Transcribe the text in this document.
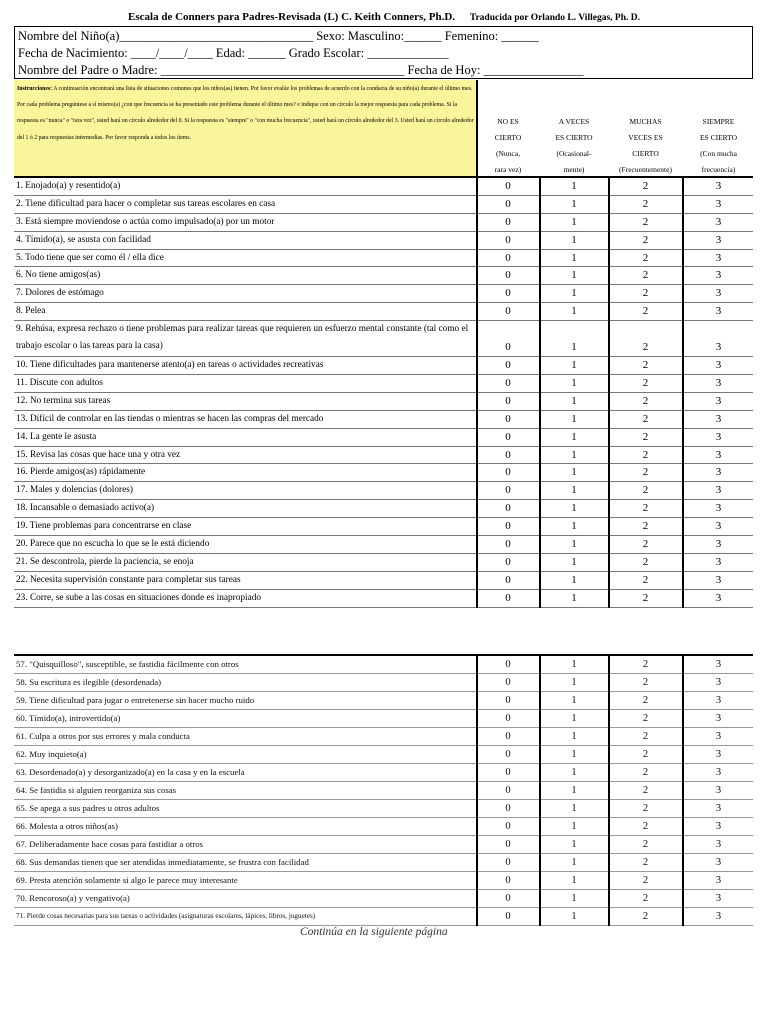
Escala de Conners para Padres-Revisada (L) C. Keith Conners, Ph.D. Traducida por Orlando L. Villegas, Ph. D.
Nombre del Niño(a)_______________________________ Sexo: Masculino:______ Femenino: ______
Fecha de Nacimiento: ____/____/____ Edad: ______ Grado Escolar: _____________
Nombre del Padre o Madre: _______________________________________ Fecha de Hoy: ________________
Instrucciones: A continuación encontrará una lista de situaciones comunes que los niños(as) tienen. Por favor evalúe los problemas de acuerdo con la conducta de su niño(a) durante el último mes. Por cada problema pregúntese a sí mismo(a) ¿con que frecuencia se ha presentado este problema durante el último mes? e indique con un círculo la mejor respuesta para cada problema. Si la respuesta es "nunca" o "rara vez", usted hará un círculo alrededor del 0. Si la respuesta es "siempre" o "con mucha frecuencia", usted hará un círculo alrededor del 3. Usted hará un círculo alrededor del 1 ó 2 para respuestas intermedias. Por favor responda a todos los ítems.
NO ES
CIERTO
(Nunca,
rara vez)
A VECES
ES CIERTO
(Ocasional-
mente)
MUCHAS
VECES ES
CIERTO
(Frecuentemente)
SIEMPRE
ES CIERTO
(Con mucha
frecuencia)
1. Enojado(a) y resentido(a)	0	1	2	3
2. Tiene dificultad para hacer o completar sus tareas escolares en casa	0	1	2	3
3. Está siempre moviendose o actúa como impulsado(a) por un motor	0	1	2	3
4. Tímido(a), se asusta con facilidad	0	1	2	3
5. Todo tiene que ser como él / ella dice	0	1	2	3
6. No tiene amigos(as)	0	1	2	3
7. Dolores de estómago	0	1	2	3
8. Pelea	0	1	2	3
9. Rehúsa, expresa rechazo o tiene problemas para realizar tareas que requieren un esfuerzo mental constante (tal como el trabajo escolar o las tareas para la casa)	0	1	2	3
10. Tiene dificultades para mantenerse atento(a) en tareas o actividades recreativas	0	1	2	3
11. Discute con adultos	0	1	2	3
12. No termina sus tareas	0	1	2	3
13. Difícil de controlar en las tiendas o mientras se hacen las compras del mercado	0	1	2	3
14. La gente le asusta	0	1	2	3
15. Revisa las cosas que hace una y otra vez	0	1	2	3
16. Pierde amigos(as) rápidamente	0	1	2	3
17. Males y dolencias (dolores)	0	1	2	3
18. Incansable o demasiado activo(a)	0	1	2	3
19. Tiene problemas para concentrarse en clase	0	1	2	3
20. Parece que no escucha lo que se le está diciendo	0	1	2	3
21. Se descontrola, pierde la paciencia, se enoja	0	1	2	3
22. Necesita supervisión constante para completar sus tareas	0	1	2	3
23. Corre, se sube a las cosas en situaciones donde es inapropiado	0	1	2	3
57. "Quisquilloso", susceptible, se fastidia fácilmente con otros	0	1	2	3
58. Su escritura es ilegible (desordenada)	0	1	2	3
59. Tiene dificultad para jugar o entretenerse sin hacer mucho ruido	0	1	2	3
60. Tímido(a), introvertido(a)	0	1	2	3
61. Culpa a otros por sus errores y mala conducta	0	1	2	3
62. Muy inquieto(a)	0	1	2	3
63. Desordenado(a) y desorganizado(a) en la casa y en la escuela	0	1	2	3
64. Se fastidia si alguien reorganiza sus cosas	0	1	2	3
65. Se apega a sus padres u otros adultos	0	1	2	3
66. Molesta a otros niños(as)	0	1	2	3
67. Deliberadamente hace cosas para fastidiar a otros	0	1	2	3
68. Sus demandas tienen que ser atendidas inmediatamente, se frustra con facilidad	0	1	2	3
69. Presta atención solamente si algo le parece muy interesante	0	1	2	3
70. Rencoroso(a) y vengativo(a)	0	1	2	3
71. Pierde cosas necesarias para sus tareas o actividades (asignaturas escolares, lápices, libros, juguetes)	0	1	2	3
Continúa en la siguiente página
